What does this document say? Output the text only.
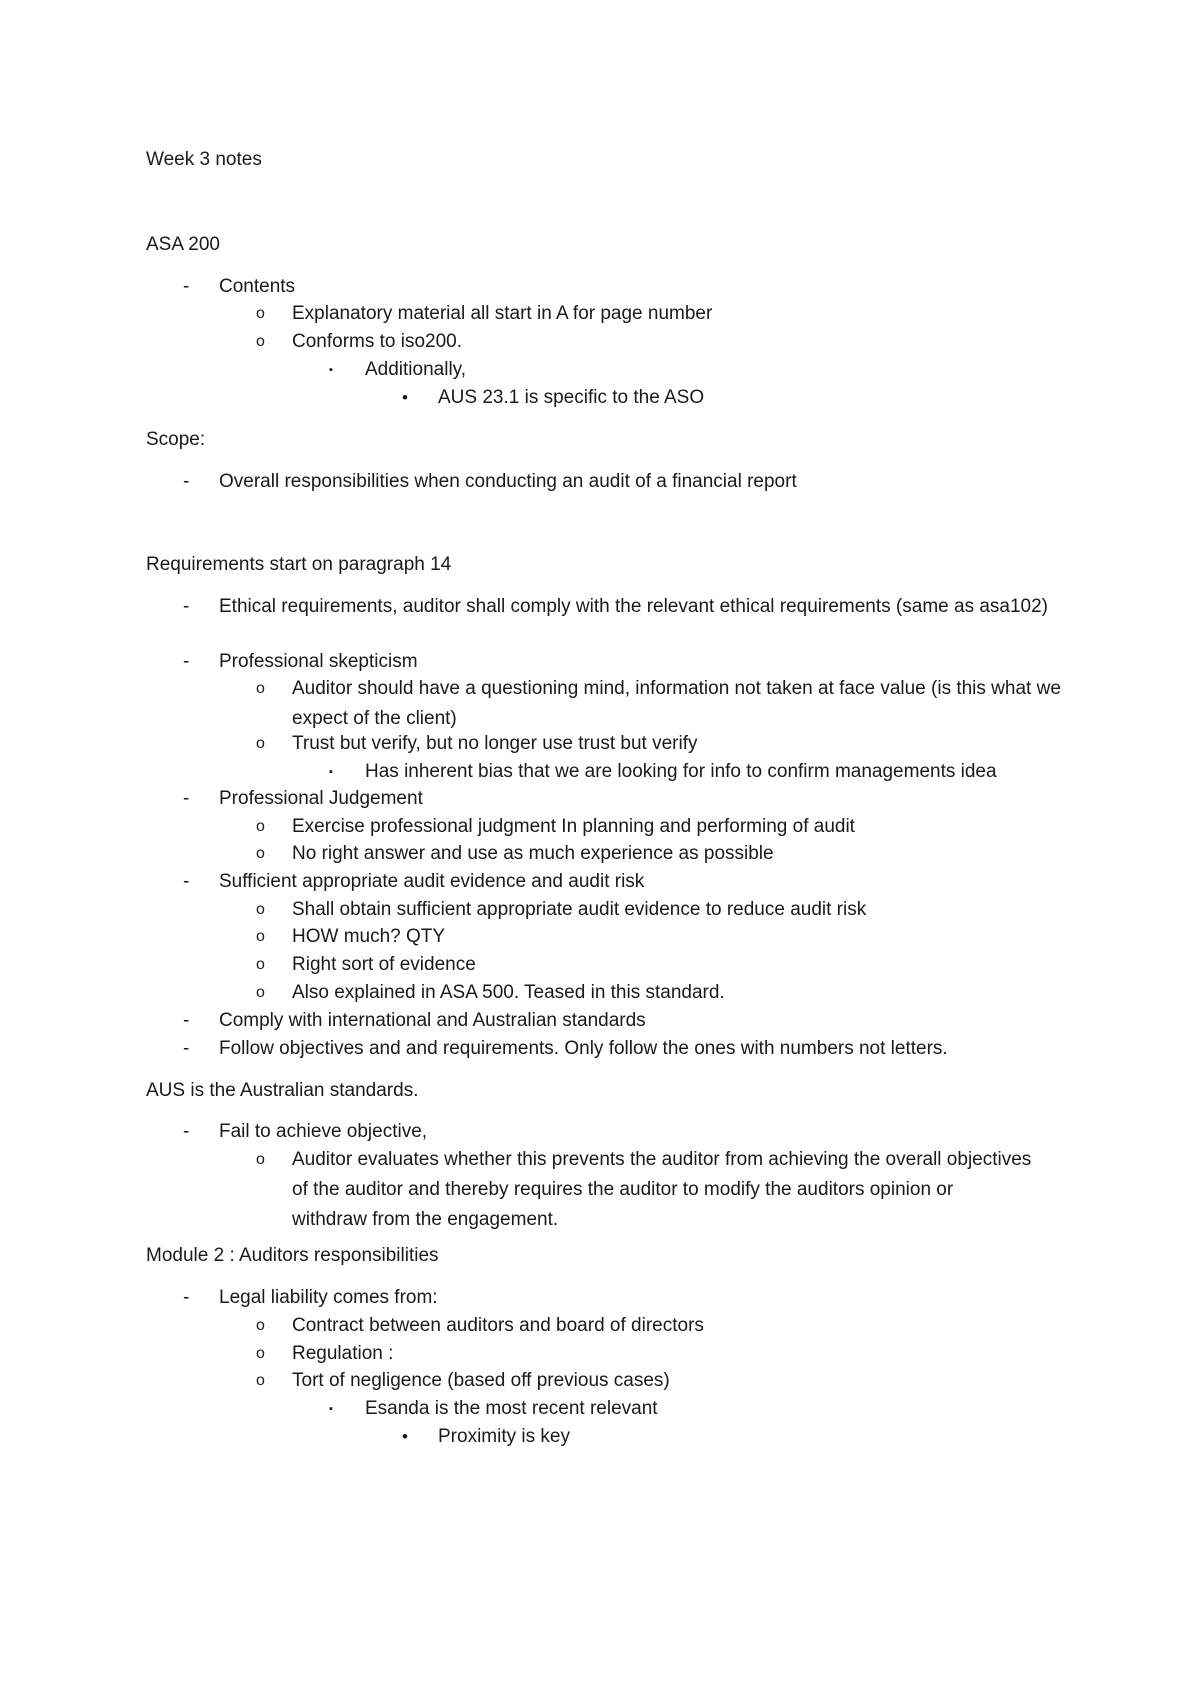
Week 3 notes

ASA 200

-	Contents
o	Explanatory material all start in A for page number
o	Conforms to iso200.
▪	Additionally,
•	AUS 23.1 is specific to the ASO

Scope:

-	Overall responsibilities when conducting an audit of a financial report

Requirements start on paragraph 14

-	Ethical requirements, auditor shall comply with the relevant ethical requirements (same as asa102)
-	Professional skepticism
o	Auditor should have a questioning mind, information not taken at face value (is this what we expect of the client)
o	Trust but verify, but no longer use trust but verify
▪	Has inherent bias that we are looking for info to confirm managements idea
-	Professional Judgement
o	Exercise professional judgment In planning and performing of audit
o	No right answer and use as much experience as possible
-	Sufficient appropriate audit evidence and audit risk
o	Shall obtain sufficient appropriate audit evidence to reduce audit risk
o	HOW much? QTY
o	Right sort of evidence
o	Also explained in ASA 500. Teased in this standard.
-	Comply with international and Australian standards
-	Follow objectives and and requirements. Only follow the ones with numbers not letters.

AUS is the Australian standards.

-	Fail to achieve objective,
o	Auditor evaluates whether this prevents the auditor from achieving the overall objectives of the auditor and thereby requires the auditor to modify the auditors opinion or withdraw from the engagement.

Module 2 : Auditors responsibilities

-	Legal liability comes from:
o	Contract between auditors and board of directors
o	Regulation :
o	Tort of negligence (based off previous cases)
▪	Esanda is the most recent relevant
•	Proximity is key
